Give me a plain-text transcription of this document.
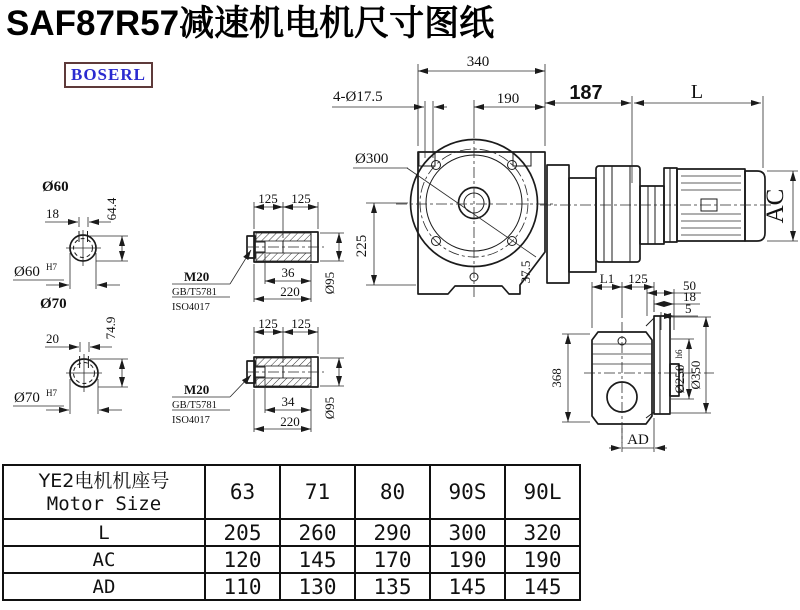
SAF87R57减速机电机尺寸图纸
BOSERL
340
190
4-Ø17.5
Ø300
225
37.5
187	L
AC
125 125
M20
GB/T5781
ISO4017
36
220 Ø95
125 125
M20
GB/T5781
ISO4017
34
220
Ø95
Ø60
18	64.4
Ø60 H7
Ø70
20	74.9
Ø70 H7
368
L1 125	50
18
5
Ø250
h6
Ø350
AD
YE2电机机座号
Motor Size	63	71	80	90S	90L
L	205	260	290	300	320
AC	120	145	170	190	190
AD	110	130	135	145	145
